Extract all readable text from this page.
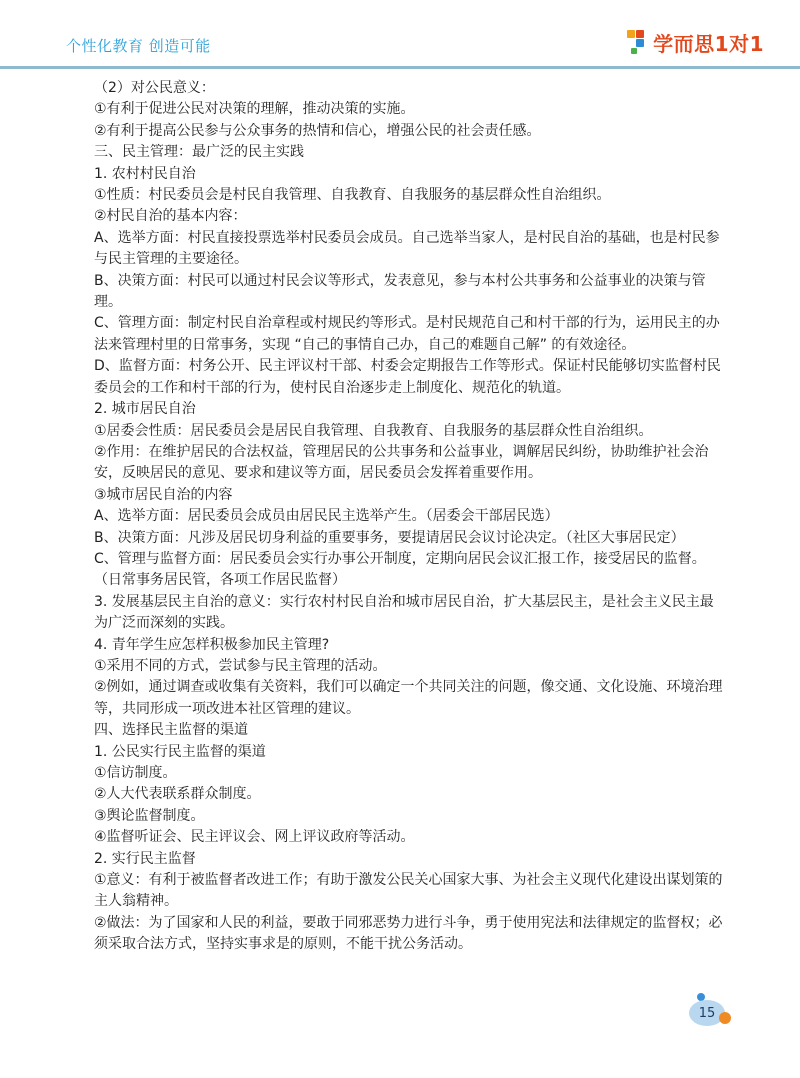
个性化教育 创造可能	学而思1对1

（2）对公民意义：

①有利于促进公民对决策的理解，推动决策的实施。

②有利于提高公民参与公众事务的热情和信心，增强公民的社会责任感。

三、民主管理：最广泛的民主实践

1. 农村村民自治

①性质：村民委员会是村民自我管理、自我教育、自我服务的基层群众性自治组织。

②村民自治的基本内容：

A、选举方面：村民直接投票选举村民委员会成员。自己选举当家人，是村民自治的基础，也是村民参与民主管理的主要途径。

B、决策方面：村民可以通过村民会议等形式，发表意见，参与本村公共事务和公益事业的决策与管理。

C、管理方面：制定村民自治章程或村规民约等形式。是村民规范自己和村干部的行为，运用民主的办法来管理村里的日常事务，实现 “自己的事情自己办，自己的难题自己解” 的有效途径。

D、监督方面：村务公开、民主评议村干部、村委会定期报告工作等形式。保证村民能够切实监督村民委员会的工作和村干部的行为，使村民自治逐步走上制度化、规范化的轨道。

2. 城市居民自治

①居委会性质：居民委员会是居民自我管理、自我教育、自我服务的基层群众性自治组织。

②作用：在维护居民的合法权益，管理居民的公共事务和公益事业，调解居民纠纷，协助维护社会治安，反映居民的意见、要求和建议等方面，居民委员会发挥着重要作用。

③城市居民自治的内容

A、选举方面：居民委员会成员由居民民主选举产生。（居委会干部居民选）

B、决策方面：凡涉及居民切身利益的重要事务，要提请居民会议讨论决定。（社区大事居民定）

C、管理与监督方面：居民委员会实行办事公开制度，定期向居民会议汇报工作，接受居民的监督。（日常事务居民管，各项工作居民监督）

3. 发展基层民主自治的意义：实行农村村民自治和城市居民自治，扩大基层民主，是社会主义民主最为广泛而深刻的实践。

4. 青年学生应怎样积极参加民主管理?

①采用不同的方式，尝试参与民主管理的活动。

②例如，通过调查或收集有关资料，我们可以确定一个共同关注的问题，像交通、文化设施、环境治理等，共同形成一项改进本社区管理的建议。

四、选择民主监督的渠道

1. 公民实行民主监督的渠道

①信访制度。

②人大代表联系群众制度。

③舆论监督制度。

④监督听证会、民主评议会、网上评议政府等活动。

2. 实行民主监督

①意义：有利于被监督者改进工作；有助于激发公民关心国家大事、为社会主义现代化建设出谋划策的主人翁精神。

②做法：为了国家和人民的利益，要敢于同邪恶势力进行斗争，勇于使用宪法和法律规定的监督权；必须采取合法方式，坚持实事求是的原则，不能干扰公务活动。

15
